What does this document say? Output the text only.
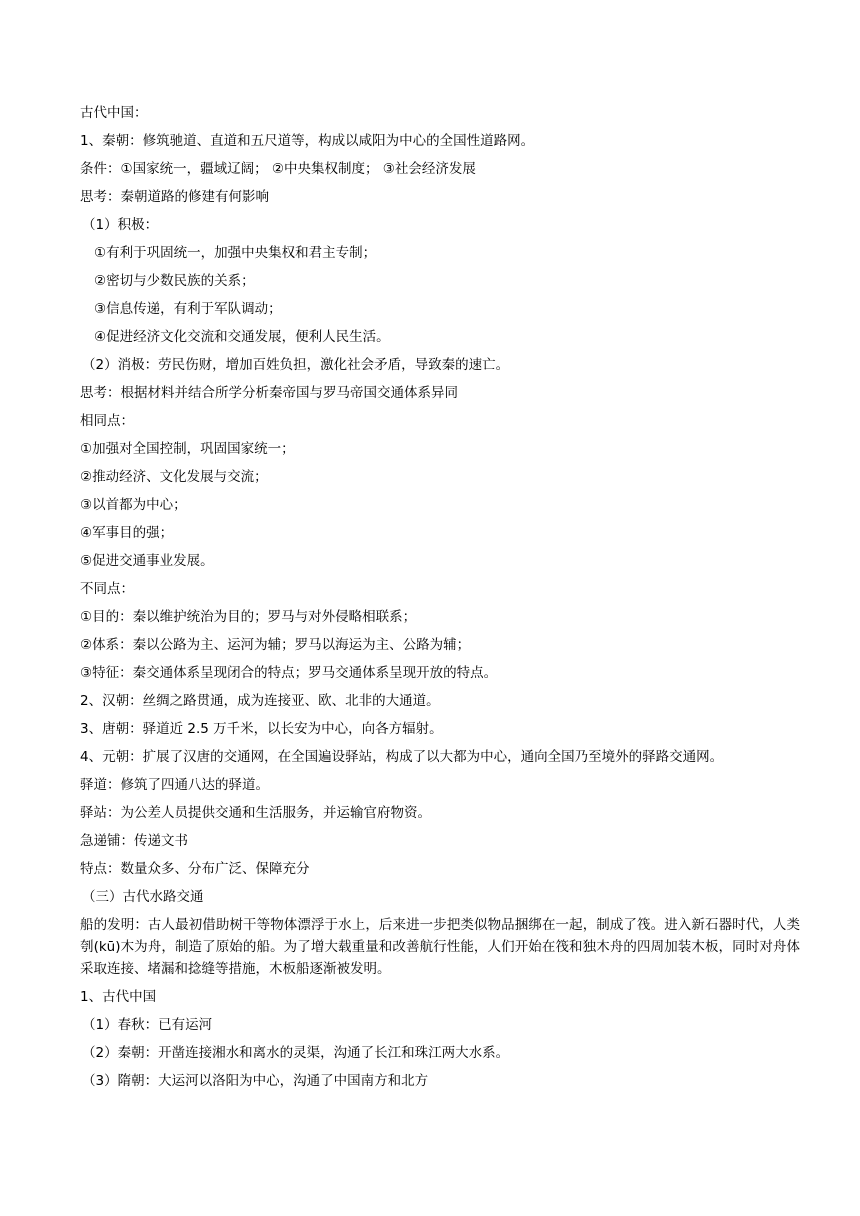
古代中国：
1、秦朝：修筑驰道、直道和五尺道等，构成以咸阳为中心的全国性道路网。
条件：①国家统一，疆域辽阔； ②中央集权制度； ③社会经济发展
思考：秦朝道路的修建有何影响
（1）积极：
①有利于巩固统一，加强中央集权和君主专制；
②密切与少数民族的关系；
③信息传递，有利于军队调动；
④促进经济文化交流和交通发展，便利人民生活。
（2）消极：劳民伤财，增加百姓负担，激化社会矛盾，导致秦的速亡。
思考：根据材料并结合所学分析秦帝国与罗马帝国交通体系异同
相同点：
①加强对全国控制，巩固国家统一；
②推动经济、文化发展与交流；
③以首都为中心；
④军事目的强；
⑤促进交通事业发展。
不同点：
①目的：秦以维护统治为目的；罗马与对外侵略相联系；
②体系：秦以公路为主、运河为辅；罗马以海运为主、公路为辅；
③特征：秦交通体系呈现闭合的特点；罗马交通体系呈现开放的特点。
2、汉朝：丝绸之路贯通，成为连接亚、欧、北非的大通道。
3、唐朝：驿道近 2.5 万千米，以长安为中心，向各方辐射。
4、元朝：扩展了汉唐的交通网，在全国遍设驿站，构成了以大都为中心，通向全国乃至境外的驿路交通网。
驿道：修筑了四通八达的驿道。
驿站：为公差人员提供交通和生活服务，并运输官府物资。
急递铺：传递文书
特点：数量众多、分布广泛、保障充分
（三）古代水路交通
船的发明：古人最初借助树干等物体漂浮于水上，后来进一步把类似物品捆绑在一起，制成了筏。进入新石器时代，人类刳(kū)木为舟，制造了原始的船。为了增大载重量和改善航行性能，人们开始在筏和独木舟的四周加装木板，同时对舟体采取连接、堵漏和捻缝等措施，木板船逐渐被发明。
1、古代中国
（1）春秋：已有运河
（2）秦朝：开凿连接湘水和离水的灵渠，沟通了长江和珠江两大水系。
（3）隋朝：大运河以洛阳为中心，沟通了中国南方和北方
